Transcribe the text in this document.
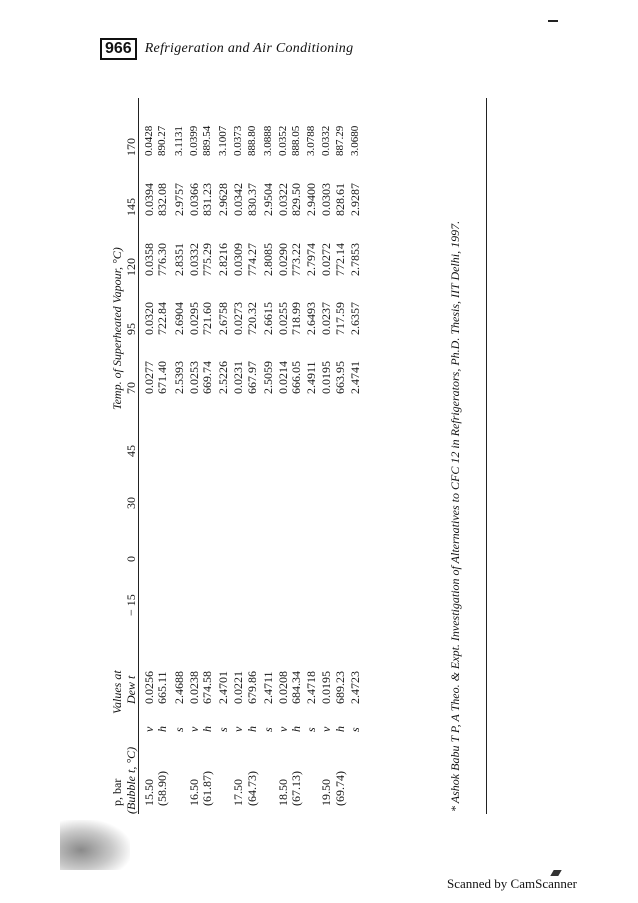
966 Refrigeration and Air Conditioning
p, bar (Bubble t, °C)
Values at Dew t
Temp. of Superheated Vapour, °C)
− 15
0
30
45
70
95
120
145
170
15.50
v
0.0256
0.0277
0.0320
0.0358
0.0394
0.0428
(58.90)
h
665.11
671.40
722.84
776.30
832.08
890.27
s
2.4688
2.5393
2.6904
2.8351
2.9757
3.1131
16.50
v
0.0238
0.0253
0.0295
0.0332
0.0366
0.0399
(61.87)
h
674.58
669.74
721.60
775.29
831.23
889.54
s
2.4701
2.5226
2.6758
2.8216
2.9628
3.1007
17.50
v
0.0221
0.0231
0.0273
0.0309
0.0342
0.0373
(64.73)
h
679.86
667.97
720.32
774.27
830.37
888.80
s
2.4711
2.5059
2.6615
2.8085
2.9504
3.0888
18.50
v
0.0208
0.0214
0.0255
0.0290
0.0322
0.0352
(67.13)
h
684.34
666.05
718.99
773.22
829.50
888.05
s
2.4718
2.4911
2.6493
2.7974
2.9400
3.0788
19.50
v
0.0195
0.0195
0.0237
0.0272
0.0303
0.0332
(69.74)
h
689.23
663.95
717.59
772.14
828.61
887.29
s
2.4723
2.4741
2.6357
2.7853
2.9287
3.0680
* Ashok Babu T P, A Theo. & Expt. Investigation of Alternatives to CFC 12 in Refrigerators, Ph.D. Thesis, IIT Delhi, 1997.
Scanned by CamScanner
